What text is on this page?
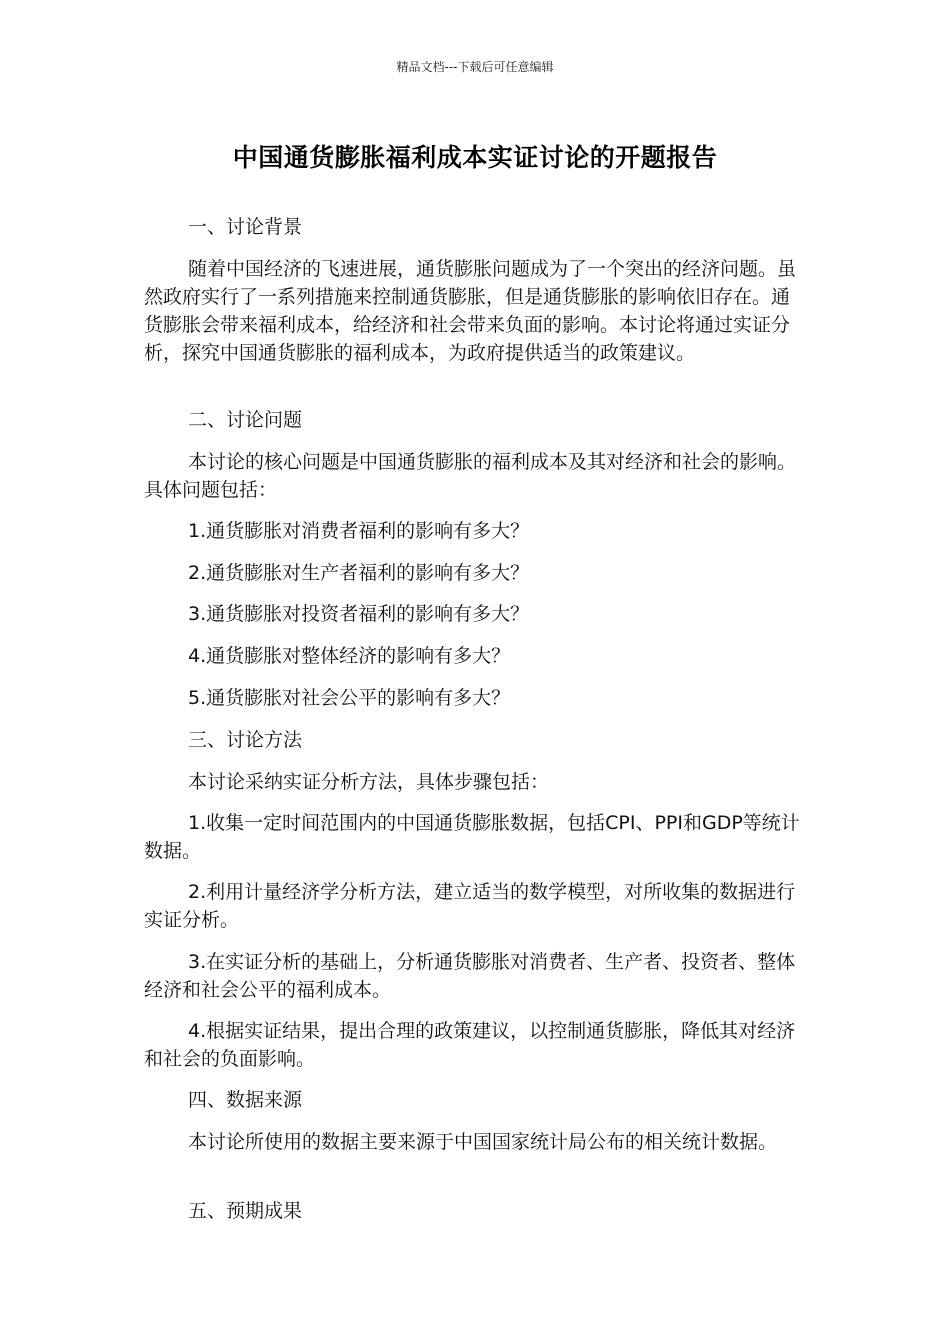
精品文档---下载后可任意编辑
中国通货膨胀福利成本实证讨论的开题报告
一、讨论背景
随着中国经济的飞速进展，通货膨胀问题成为了一个突出的经济问题。虽然政府实行了一系列措施来控制通货膨胀，但是通货膨胀的影响依旧存在。通货膨胀会带来福利成本，给经济和社会带来负面的影响。本讨论将通过实证分析，探究中国通货膨胀的福利成本，为政府提供适当的政策建议。
二、讨论问题
本讨论的核心问题是中国通货膨胀的福利成本及其对经济和社会的影响。具体问题包括：
1.通货膨胀对消费者福利的影响有多大？
2.通货膨胀对生产者福利的影响有多大？
3.通货膨胀对投资者福利的影响有多大？
4.通货膨胀对整体经济的影响有多大？
5.通货膨胀对社会公平的影响有多大？
三、讨论方法
本讨论采纳实证分析方法，具体步骤包括：
1.收集一定时间范围内的中国通货膨胀数据，包括CPI、PPI和GDP等统计数据。
2.利用计量经济学分析方法，建立适当的数学模型，对所收集的数据进行实证分析。
3.在实证分析的基础上，分析通货膨胀对消费者、生产者、投资者、整体经济和社会公平的福利成本。
4.根据实证结果，提出合理的政策建议，以控制通货膨胀，降低其对经济和社会的负面影响。
四、数据来源
本讨论所使用的数据主要来源于中国国家统计局公布的相关统计数据。
五、预期成果
